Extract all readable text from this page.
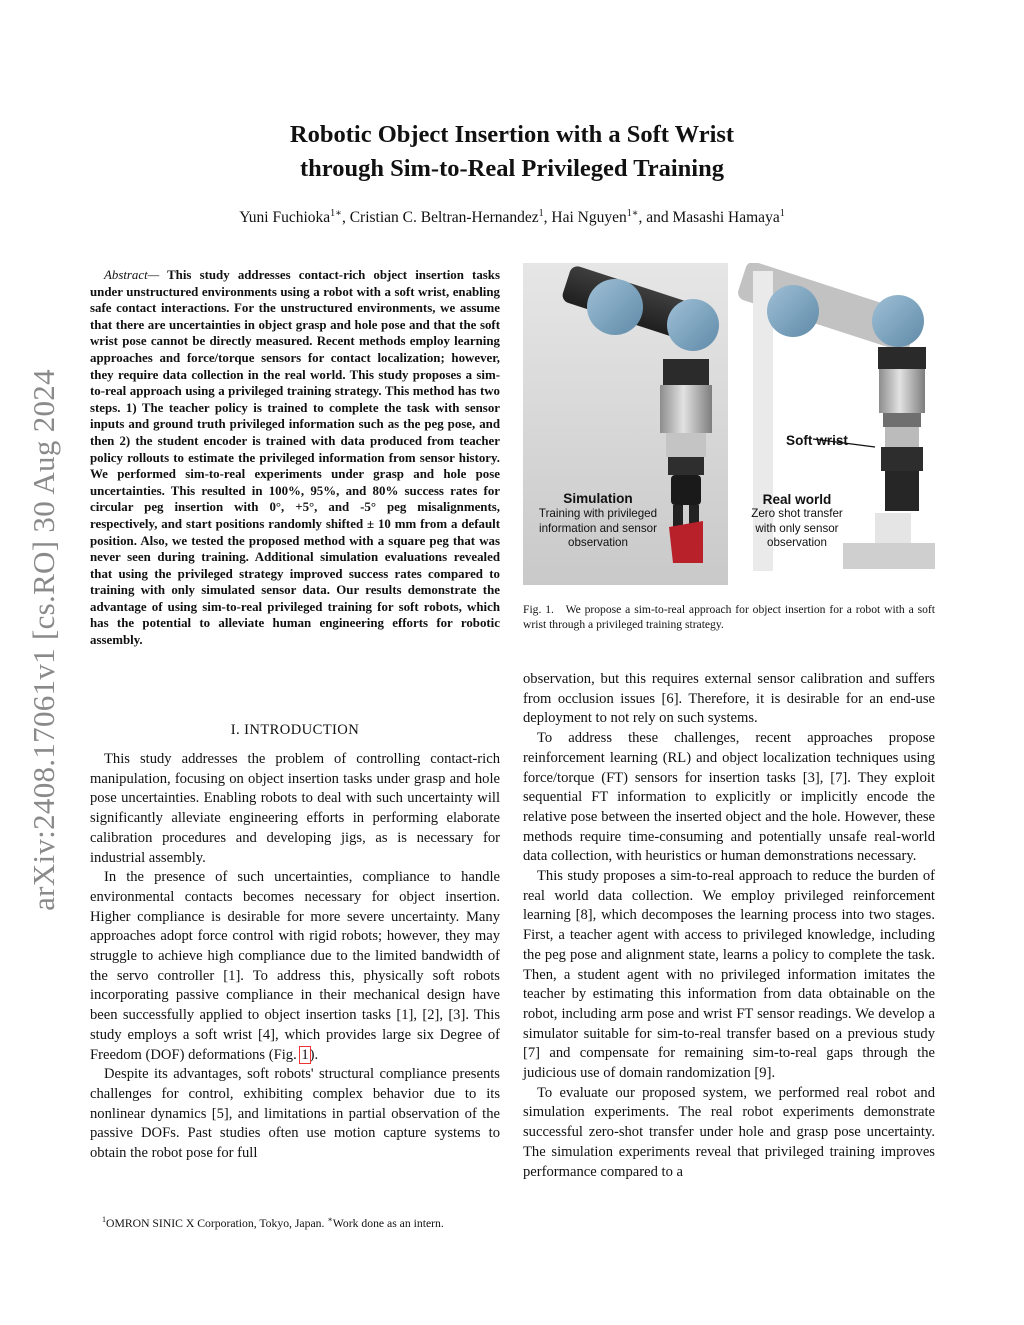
arXiv:2408.17061v1 [cs.RO] 30 Aug 2024
Robotic Object Insertion with a Soft Wrist
through Sim-to-Real Privileged Training
Yuni Fuchioka$^{1∗}$, Cristian C. Beltran-Hernandez$^1$, Hai Nguyen$^{1∗}$, and Masashi Hamaya$^1$
Abstract— This study addresses contact-rich object insertion tasks under unstructured environments using a robot with a soft wrist, enabling safe contact interactions. For the unstructured environments, we assume that there are uncertainties in object grasp and hole pose and that the soft wrist pose cannot be directly measured. Recent methods employ learning approaches and force/torque sensors for contact localization; however, they require data collection in the real world. This study proposes a sim-to-real approach using a privileged training strategy. This method has two steps. 1) The teacher policy is trained to complete the task with sensor inputs and ground truth privileged information such as the peg pose, and then 2) the student encoder is trained with data produced from teacher policy rollouts to estimate the privileged information from sensor history. We performed sim-to-real experiments under grasp and hole pose uncertainties. This resulted in 100%, 95%, and 80% success rates for circular peg insertion with 0°, +5°, and -5° peg misalignments, respectively, and start positions randomly shifted ± 10 mm from a default position. Also, we tested the proposed method with a square peg that was never seen during training. Additional simulation evaluations revealed that using the privileged strategy improved success rates compared to training with only simulated sensor data. Our results demonstrate the advantage of using sim-to-real privileged training for soft robots, which has the potential to alleviate human engineering efforts for robotic assembly.
I. INTRODUCTION

This study addresses the problem of controlling contact-rich manipulation, focusing on object insertion tasks under grasp and hole pose uncertainties. Enabling robots to deal with such uncertainty will significantly alleviate engineering efforts in performing elaborate calibration procedures and developing jigs, as is necessary for industrial assembly.

In the presence of such uncertainties, compliance to handle environmental contacts becomes necessary for object insertion. Higher compliance is desirable for more severe uncertainty. Many approaches adopt force control with rigid robots; however, they may struggle to achieve high compliance due to the limited bandwidth of the servo controller [1]. To address this, physically soft robots incorporating passive compliance in their mechanical design have been successfully applied to object insertion tasks [1], [2], [3]. This study employs a soft wrist [4], which provides large six Degree of Freedom (DOF) deformations (Fig. 1).

Despite its advantages, soft robots' structural compliance presents challenges for control, exhibiting complex behavior due to its nonlinear dynamics [5], and limitations in partial observation of the passive DOFs. Past studies often use motion capture systems to obtain the robot pose for full

$^1$OMRON SINIC X Corporation, Tokyo, Japan. ∗Work done as an intern.
Simulation
Training with privileged
information and sensor
observation
Real world
Zero shot transfer
with only sensor
observation
Soft wrist
Fig. 1. We propose a sim-to-real approach for object insertion for a robot with a soft wrist through a privileged training strategy.

observation, but this requires external sensor calibration and suffers from occlusion issues [6]. Therefore, it is desirable for an end-use deployment to not rely on such systems.

To address these challenges, recent approaches propose reinforcement learning (RL) and object localization techniques using force/torque (FT) sensors for insertion tasks [3], [7]. They exploit sequential FT information to explicitly or implicitly encode the relative pose between the inserted object and the hole. However, these methods require time-consuming and potentially unsafe real-world data collection, with heuristics or human demonstrations necessary.

This study proposes a sim-to-real approach to reduce the burden of real world data collection. We employ privileged reinforcement learning [8], which decomposes the learning process into two stages. First, a teacher agent with access to privileged knowledge, including the peg pose and alignment state, learns a policy to complete the task. Then, a student agent with no privileged information imitates the teacher by estimating this information from data obtainable on the robot, including arm pose and wrist FT sensor readings. We develop a simulator suitable for sim-to-real transfer based on a previous study [7] and compensate for remaining sim-to-real gaps through the judicious use of domain randomization [9].

To evaluate our proposed system, we performed real robot and simulation experiments. The real robot experiments demonstrate successful zero-shot transfer under hole and grasp pose uncertainty. The simulation experiments reveal that privileged training improves performance compared to a
